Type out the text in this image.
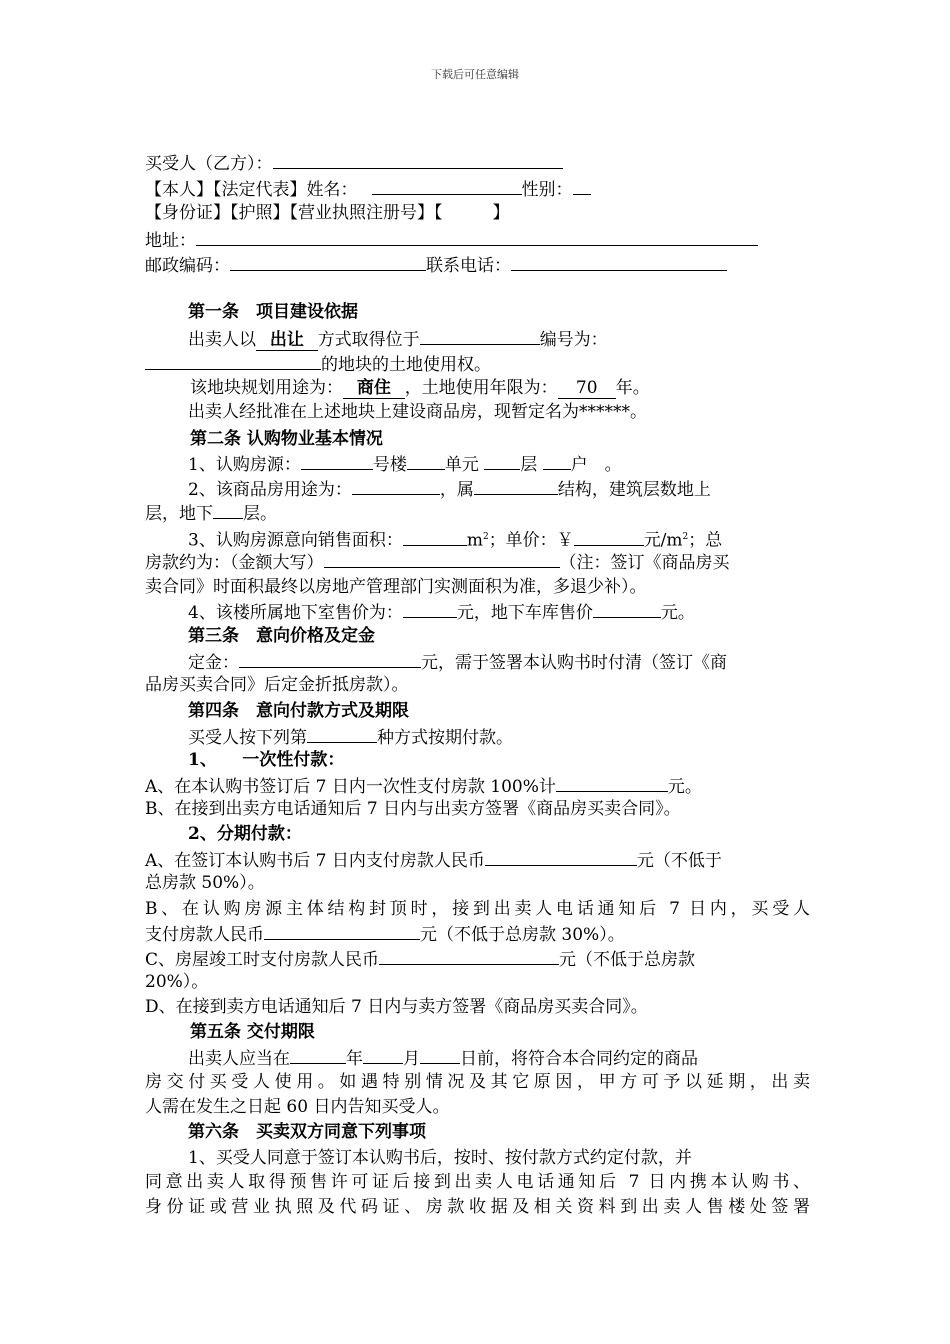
下载后可任意编辑
买受人（乙方）：
【本人】【法定代表】姓名：	性别：
【身份证】【护照】【营业执照注册号】【	】
地址：
邮政编码：	联系电话：
第一条　项目建设依据
出卖人以 出让 方式取得位于	编号为：
的地块的土地使用权。
该地块规划用途为： 商住 ，土地使用年限为： 70 年。
出卖人经批准在上述地块上建设商品房，现暂定名为******。
第二条 认购物业基本情况
1、认购房源：	号楼 单元 层 户　。
2、该商品房用途为：	，属	结构，建筑层数地上
层，地下 层。
3、认购房源意向销售面积：	$m^2$；单价：￥	元$/m^2$；总
房款约为：（金额大写）	（注：签订《商品房买
卖合同》时面积最终以房地产管理部门实测面积为准，多退少补）。
4、该楼所属地下室售价为：	元，地下车库售价	元。
第三条　意向价格及定金
定金：	元，需于签署本认购书时付清（签订《商
品房买卖合同》后定金折抵房款）。
第四条　意向付款方式及期限
买受人按下列第	种方式按期付款。
1、　　一次性付款：
A、在本认购书签订后 7 日内一次性支付房款 100%计	元。
B、在接到出卖方电话通知后 7 日内与出卖方签署《商品房买卖合同》。
2、分期付款：
A、在签订本认购书后 7 日内支付房款人民币	元（不低于
总房款 50%）。
B、在认购房源主体结构封顶时，接到出卖人电话通知后 7 日内，买受人
支付房款人民币	元（不低于总房款 30%）。
C、房屋竣工时支付房款人民币	元（不低于总房款
20%）。
D、在接到卖方电话通知后 7 日内与卖方签署《商品房买卖合同》。
第五条 交付期限
出卖人应当在	年 月 日前，将符合本合同约定的商品
房交付买受人使用。如遇特别情况及其它原因，甲方可予以延期，出卖
人需在发生之日起 60 日内告知买受人。
第六条　买卖双方同意下列事项
1、买受人同意于签订本认购书后，按时、按付款方式约定付款，并
同意出卖人取得预售许可证后接到出卖人电话通知后 7 日内携本认购书、
身份证或营业执照及代码证、房款收据及相关资料到出卖人售楼处签署
